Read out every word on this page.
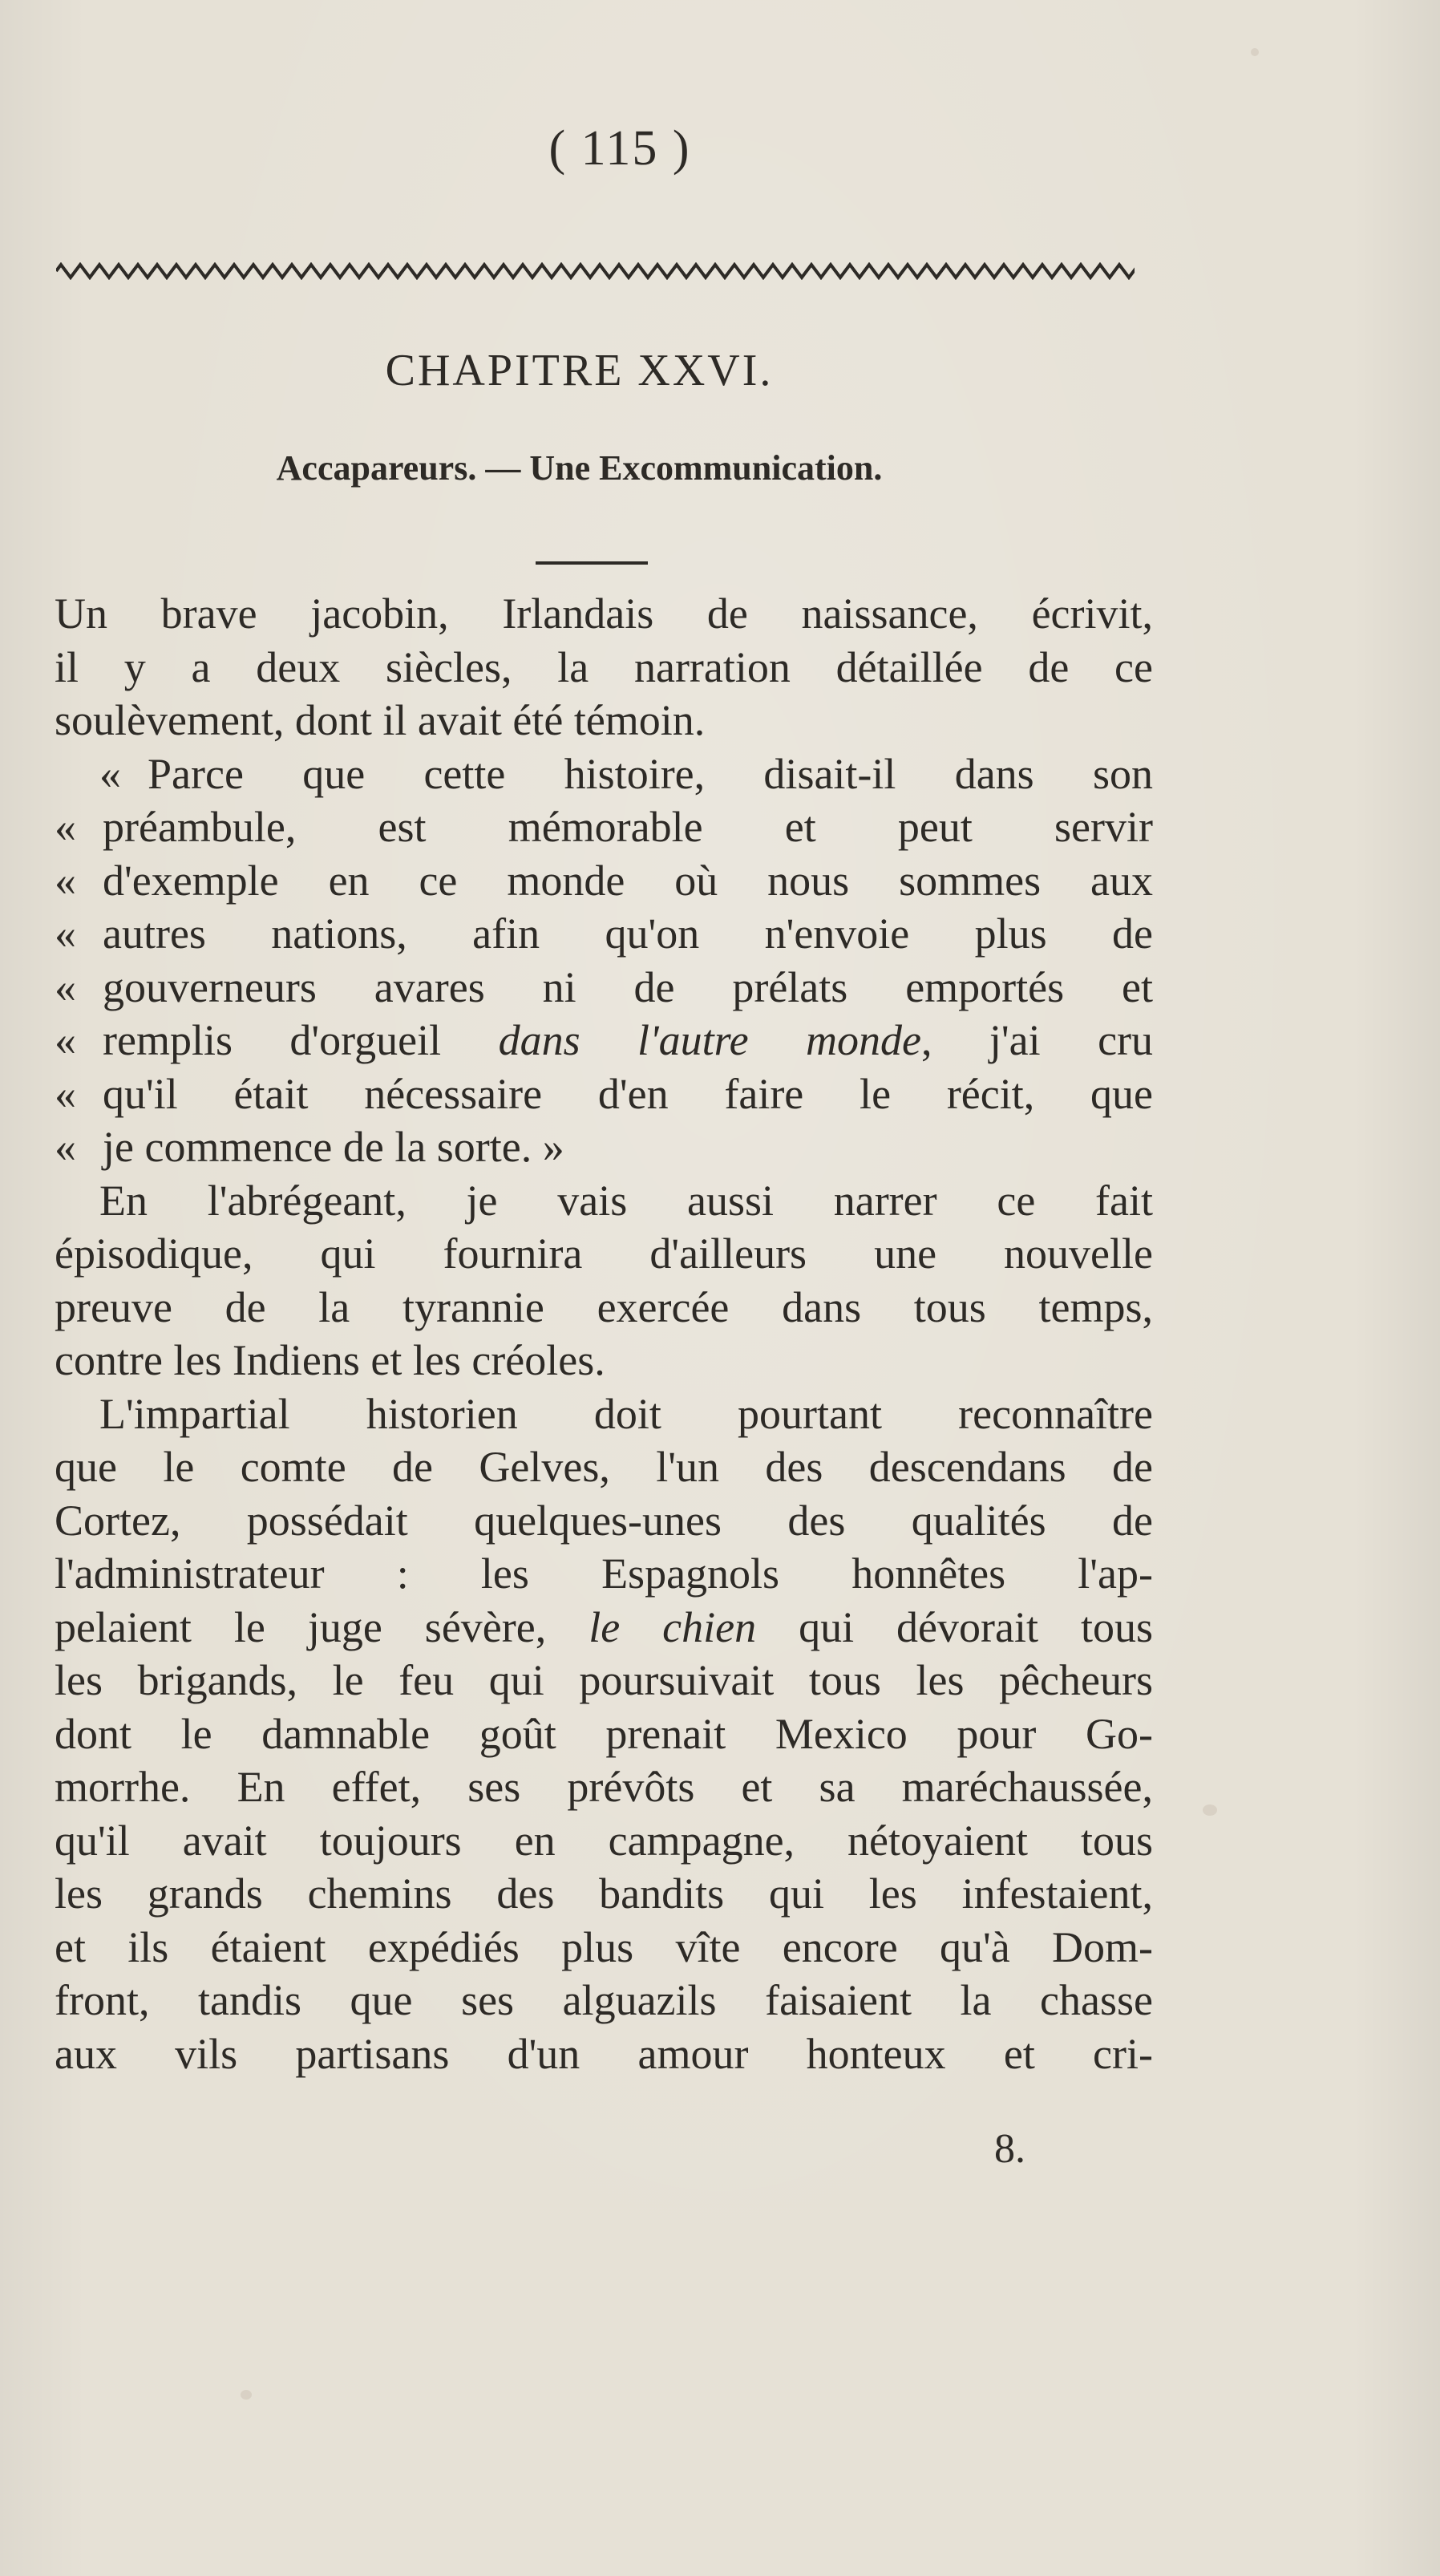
( 115 )
CHAPITRE XXVI.
Accapareurs. — Une Excommunication.
Un brave jacobin, Irlandais de naissance, écrivit,
il y a deux siècles, la narration détaillée de ce
soulèvement, dont il avait été témoin.
« Parce que cette histoire, disait-il dans son
« préambule, est mémorable et peut servir
« d'exemple en ce monde où nous sommes aux
« autres nations, afin qu'on n'envoie plus de
« gouverneurs avares ni de prélats emportés et
« remplis d'orgueil dans l'autre monde, j'ai cru
« qu'il était nécessaire d'en faire le récit, que
« je commence de la sorte. »
En l'abrégeant, je vais aussi narrer ce fait
épisodique, qui fournira d'ailleurs une nouvelle
preuve de la tyrannie exercée dans tous temps,
contre les Indiens et les créoles.
L'impartial historien doit pourtant reconnaître
que le comte de Gelves, l'un des descendans de
Cortez, possédait quelques-unes des qualités de
l'administrateur : les Espagnols honnêtes l'ap-
pelaient le juge sévère, le chien qui dévorait tous
les brigands, le feu qui poursuivait tous les pêcheurs
dont le damnable goût prenait Mexico pour Go-
morrhe. En effet, ses prévôts et sa maréchaussée,
qu'il avait toujours en campagne, nétoyaient tous
les grands chemins des bandits qui les infestaient,
et ils étaient expédiés plus vîte encore qu'à Dom-
front, tandis que ses alguazils faisaient la chasse
aux vils partisans d'un amour honteux et cri-
8.
